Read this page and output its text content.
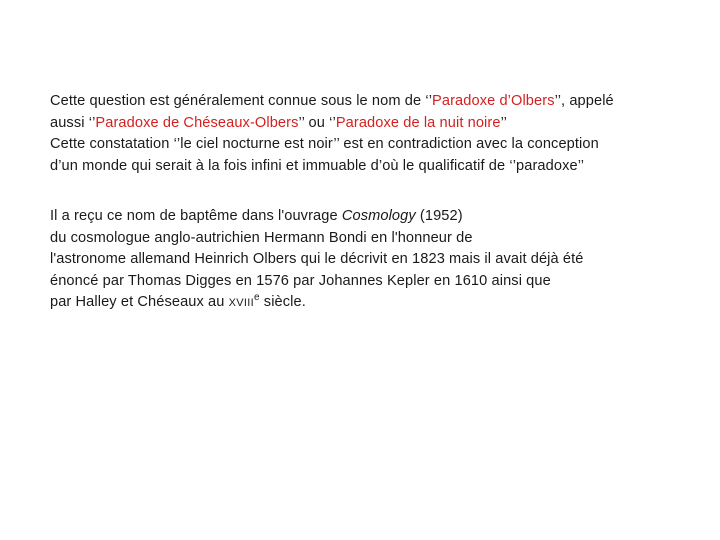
Cette question est généralement connue sous le nom de ‘’Paradoxe d’Olbers’’, appelé
aussi ‘’Paradoxe de Chéseaux-Olbers’’ ou ‘’Paradoxe de la nuit noire’’
Cette constatation ‘’le ciel nocturne est noir’’ est en contradiction avec la conception
d’un monde qui serait à la fois infini et immuable d’où le qualificatif de ‘’paradoxe’’
Il a reçu ce nom de baptême dans l'ouvrage Cosmology (1952)
du cosmologue anglo-autrichien Hermann Bondi en l'honneur de
l'astronome allemand Heinrich Olbers qui le décrivit en 1823 mais il avait déjà été
énoncé par Thomas Digges en 1576 par Johannes Kepler en 1610 ainsi que
par Halley et Chéseaux au XVIIIe siècle.
